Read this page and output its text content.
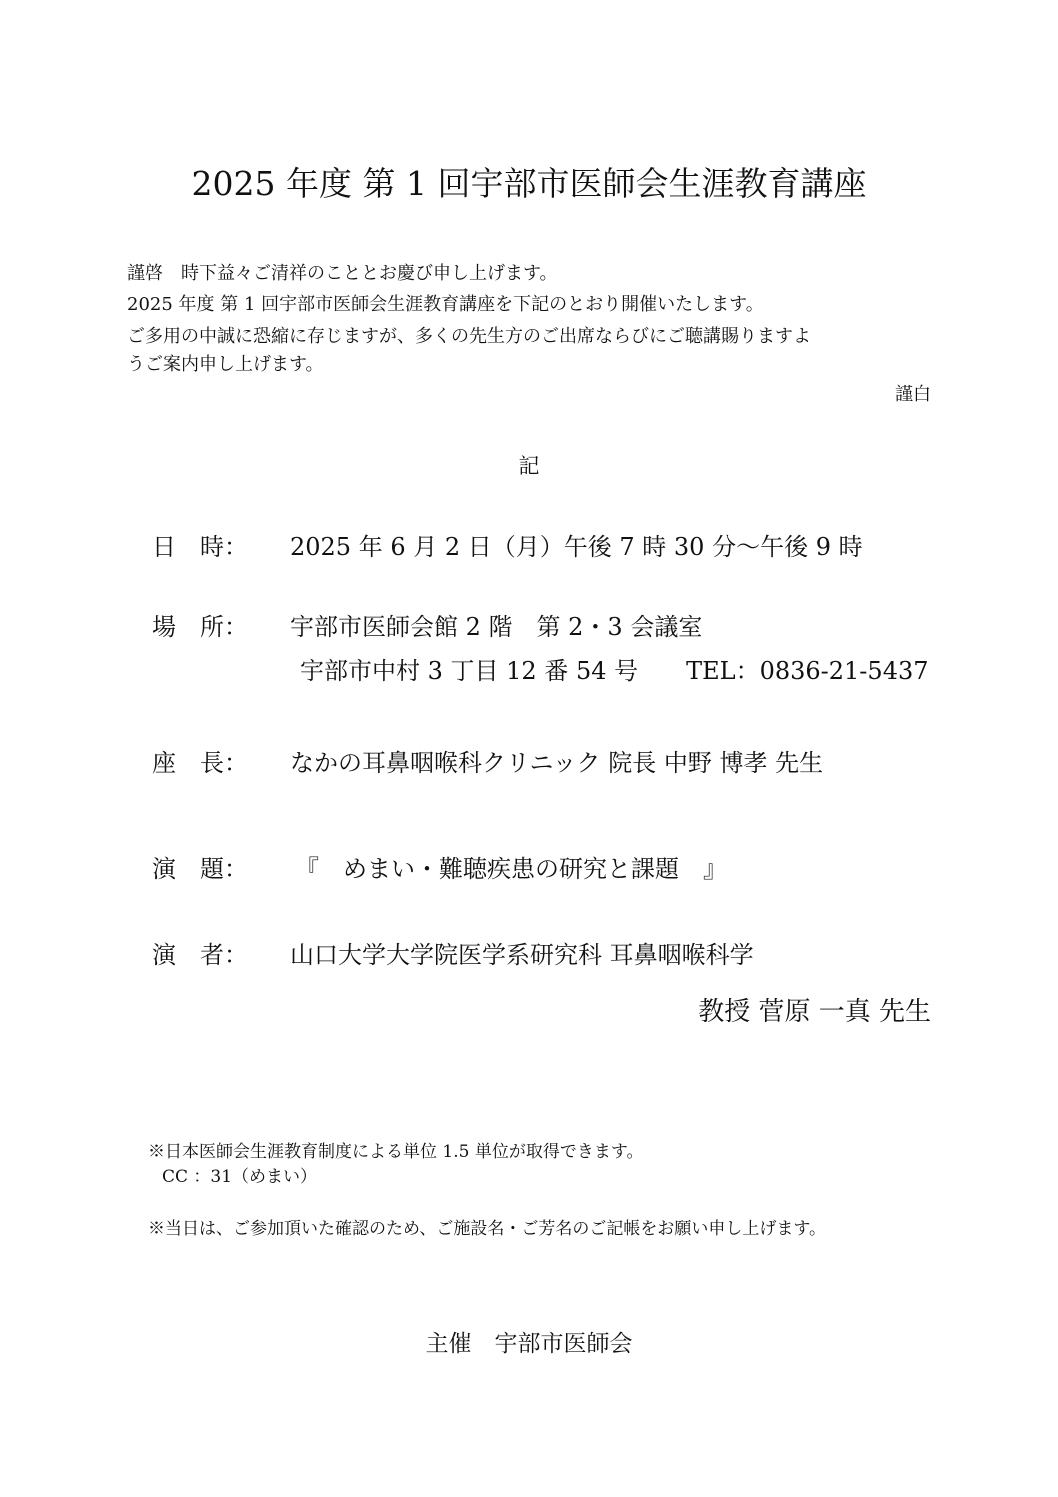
2025 年度 第 1 回宇部市医師会生涯教育講座
謹啓　時下益々ご清祥のこととお慶び申し上げます。
2025 年度 第 1 回宇部市医師会生涯教育講座を下記のとおり開催いたします。
ご多用の中誠に恐縮に存じますが、多くの先生方のご出席ならびにご聴講賜りますよ
うご案内申し上げます。
謹白
記
日　時： 2025 年 6 月 2 日（月）午後 7 時 30 分～午後 9 時
場　所： 宇部市医師会館 2 階　第 2・3 会議室
宇部市中村 3 丁目 12 番 54 号　　TEL：0836-21-5437
座　長： なかの耳鼻咽喉科クリニック 院長 中野 博孝 先生
演　題： 『　めまい・難聴疾患の研究と課題　』
演　者： 山口大学大学院医学系研究科 耳鼻咽喉科学
教授 菅原 一真 先生
※日本医師会生涯教育制度による単位 1.5 単位が取得できます。
CC ：31（めまい）
※当日は、ご参加頂いた確認のため、ご施設名・ご芳名のご記帳をお願い申し上げます。
主催　宇部市医師会
